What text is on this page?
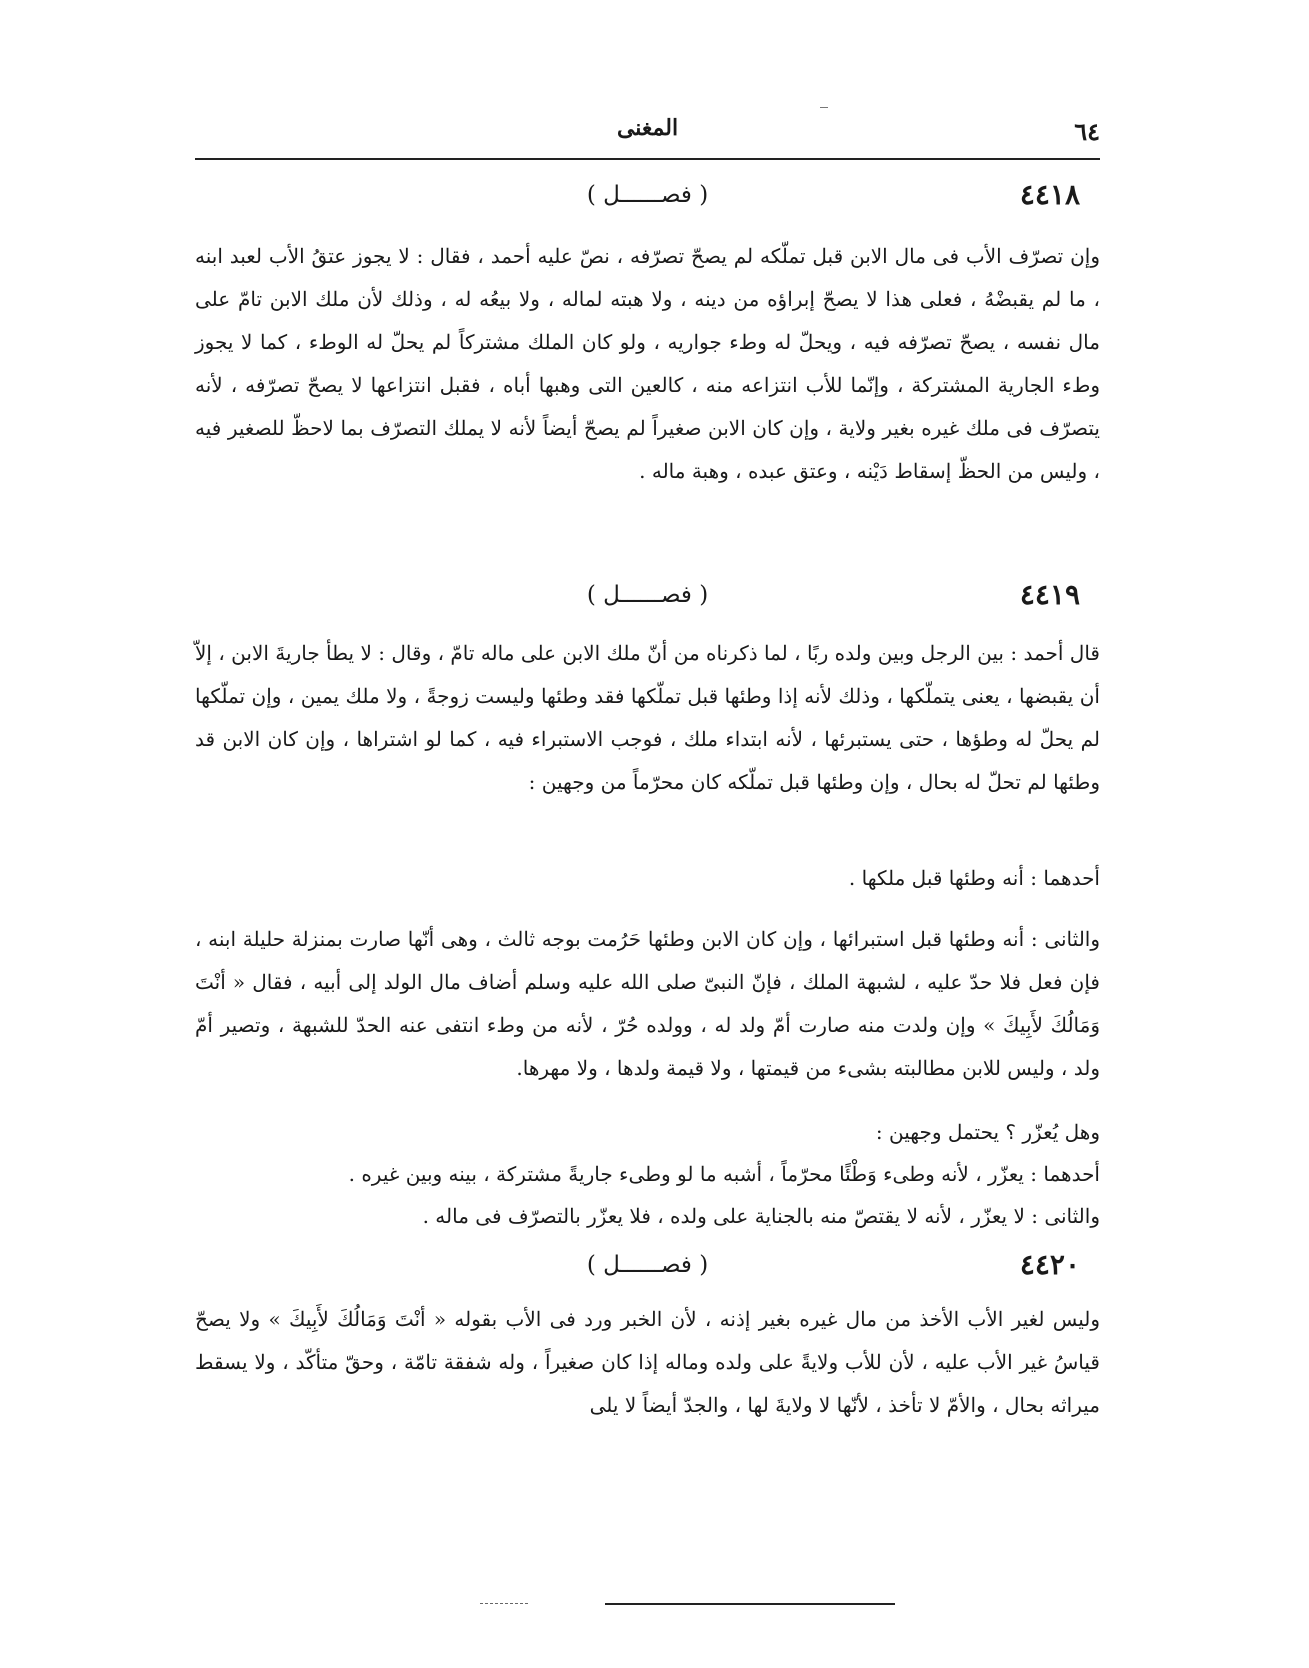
٦٤
المغنى
٤٤١٨
( فصــــــل )

وإن تصرّف الأب فى مال الابن قبل تملّكه لم يصحّ تصرّفه ، نصّ عليه أحمد ، فقال : لا يجوز عتقُ الأب لعبد ابنه ، ما لم يقبضْهُ ، فعلى هذا لا يصحّ إبراؤه من دينه ، ولا هبته لماله ، ولا بيعُه له ، وذلك لأن ملك الابن تامّ على مال نفسه ، يصحّ تصرّفه فيه ، ويحلّ له وطء جواريه ، ولو كان الملك مشتركاً لم يحلّ له الوطء ، كما لا يجوز وطء الجارية المشتركة ، وإنّما للأب انتزاعه منه ، كالعين التى وهبها أباه ، فقبل انتزاعها لا يصحّ تصرّفه ، لأنه يتصرّف فى ملك غيره بغير ولاية ، وإن كان الابن صغيراً لم يصحّ أيضاً لأنه لا يملك التصرّف بما لاحظّ للصغير فيه ، وليس من الحظّ إسقاط دَيْنه ، وعتق عبده ، وهبة ماله .

٤٤١٩
( فصــــــل )

قال أحمد : بين الرجل وبين ولده ربًا ، لما ذكرناه من أنّ ملك الابن على ماله تامّ ، وقال : لا يطأ جاريةَ الابن ، إلاّ أن يقبضها ، يعنى يتملّكها ، وذلك لأنه إذا وطئها قبل تملّكها فقد وطئها وليست زوجةً ، ولا ملك يمين ، وإن تملّكها لم يحلّ له وطؤها ، حتى يستبرئها ، لأنه ابتداء ملك ، فوجب الاستبراء فيه ، كما لو اشتراها ، وإن كان الابن قد وطئها لم تحلّ له بحال ، وإن وطئها قبل تملّكه كان محرّماً من وجهين :

أحدهما : أنه وطئها قبل ملكها .

والثانى : أنه وطئها قبل استبرائها ، وإن كان الابن وطئها حَرُمت بوجه ثالث ، وهى أنّها صارت بمنزلة حليلة ابنه ، فإن فعل فلا حدّ عليه ، لشبهة الملك ، فإنّ النبىّ صلى الله عليه وسلم أضاف مال الولد إلى أبيه ، فقال « أنْتَ وَمَالُكَ لأَبِيكَ » وإن ولدت منه صارت أمّ ولد له ، وولده حُرّ ، لأنه من وطء انتفى عنه الحدّ للشبهة ، وتصير أمّ ولد ، وليس للابن مطالبته بشىء من قيمتها ، ولا قيمة ولدها ، ولا مهرها.

وهل يُعزّر ؟ يحتمل وجهين :

أحدهما : يعزّر ، لأنه وطىء وَطْئًا محرّماً ، أشبه ما لو وطىء جاريةً مشتركة ، بينه وبين غيره .

والثانى : لا يعزّر ، لأنه لا يقتصّ منه بالجناية على ولده ، فلا يعزّر بالتصرّف فى ماله .

٤٤٢٠
( فصــــــل )

وليس لغير الأب الأخذ من مال غيره بغير إذنه ، لأن الخبر ورد فى الأب بقوله « أنْتَ وَمَالُكَ لأَبِيكَ » ولا يصحّ قياسُ غير الأب عليه ، لأن للأب ولايةً على ولده وماله إذا كان صغيراً ، وله شفقة تامّة ، وحقّ متأكّد ، ولا يسقط ميراثه بحال ، والأمّ لا تأخذ ، لأنّها لا ولايةَ لها ، والجدّ أيضاً لا يلى
